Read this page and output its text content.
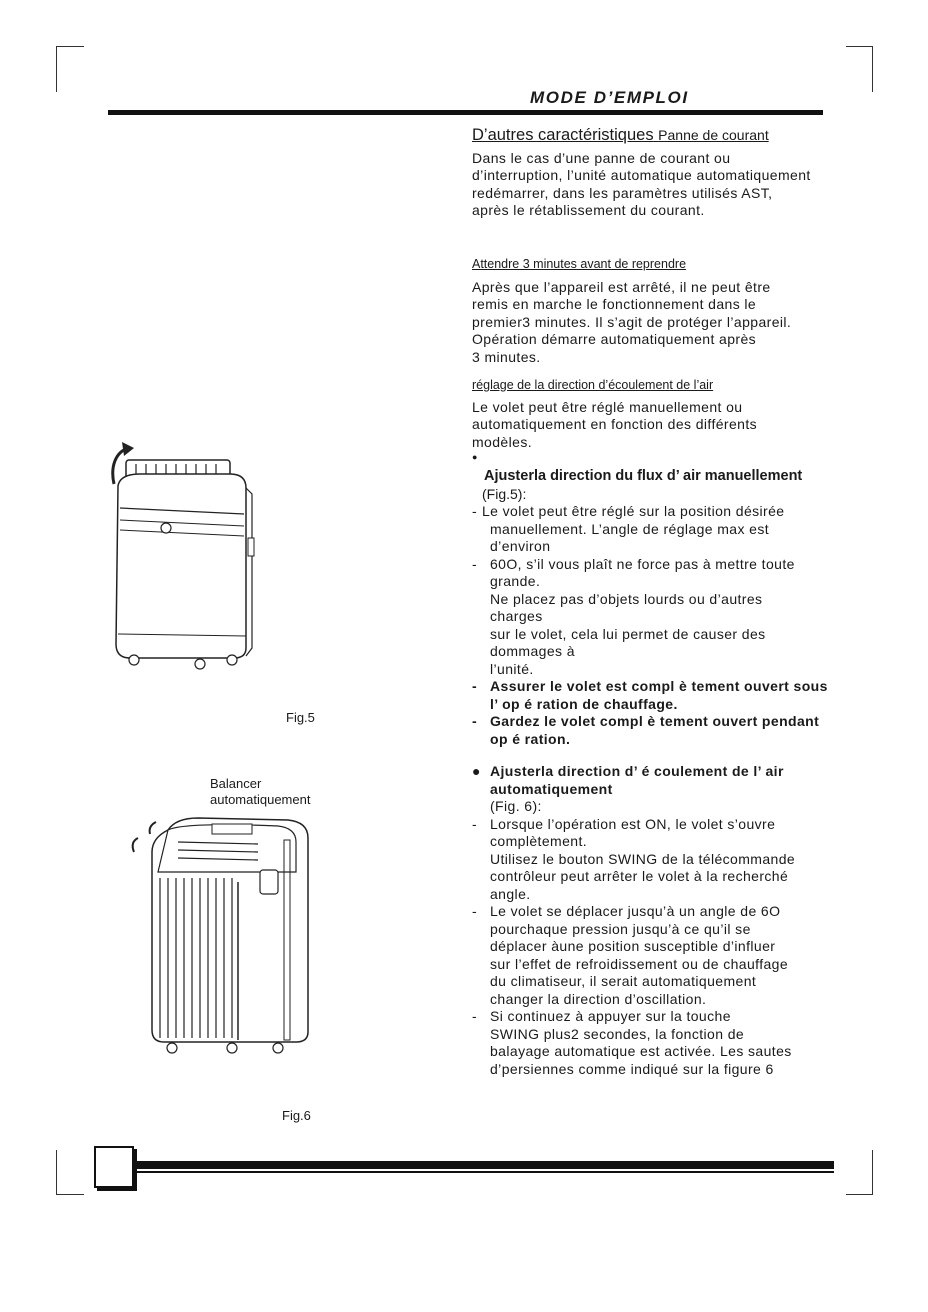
MODE D’EMPLOI
D’autres caractéristiques Panne de courant
Dans le cas d’une panne de courant ou
d’interruption, l’unité automatique automatiquement
redémarrer, dans les paramètres utilisés AST,
après le rétablissement du courant.
Attendre 3 minutes avant de reprendre
Après que l’appareil est arrêté, il ne peut être
remis en marche le fonctionnement dans le
premier3 minutes. Il s’agit de protéger l’appareil.
Opération démarre automatiquement après
3 minutes.
réglage de la direction d’écoulement de l’air
Le volet peut être réglé manuellement ou
automatiquement en fonction des différents
modèles.
●
Ajusterla direction du flux d’ air manuellement
(Fig.5):
- Le volet peut être réglé sur la position désirée
manuellement. L’angle de réglage max est
d’environ
- 60O, s’il vous plaît ne force pas à mettre toute
grande.
Ne placez pas d’objets lourds ou d’autres
charges
sur le volet, cela lui permet de causer des
dommages à
l’unité.
- Assurer le volet est compl è tement ouvert sous
l’ op é ration de chauffage.
- Gardez le volet compl è tement ouvert pendant
op é ration.
● Ajusterla direction d’ é coulement de l’ air
automatiquement
(Fig. 6):
- Lorsque l’opération est ON, le volet s’ouvre
complètement.
Utilisez le bouton SWING de la télécommande
contrôleur peut arrêter le volet à la recherché
angle.
- Le volet se déplacer jusqu’à un angle de 6O
pourchaque pression jusqu’à ce qu’il se
déplacer àune position susceptible d’influer
sur l’effet de refroidissement ou de chauffage
du climatiseur, il serait automatiquement
changer la direction d’oscillation.
- Si continuez à appuyer sur la touche
SWING plus2 secondes, la fonction de
balayage automatique est activée. Les sautes
d’persiennes comme indiqué sur la figure 6
Fig.5
Balancer
automatiquement
Fig.6
